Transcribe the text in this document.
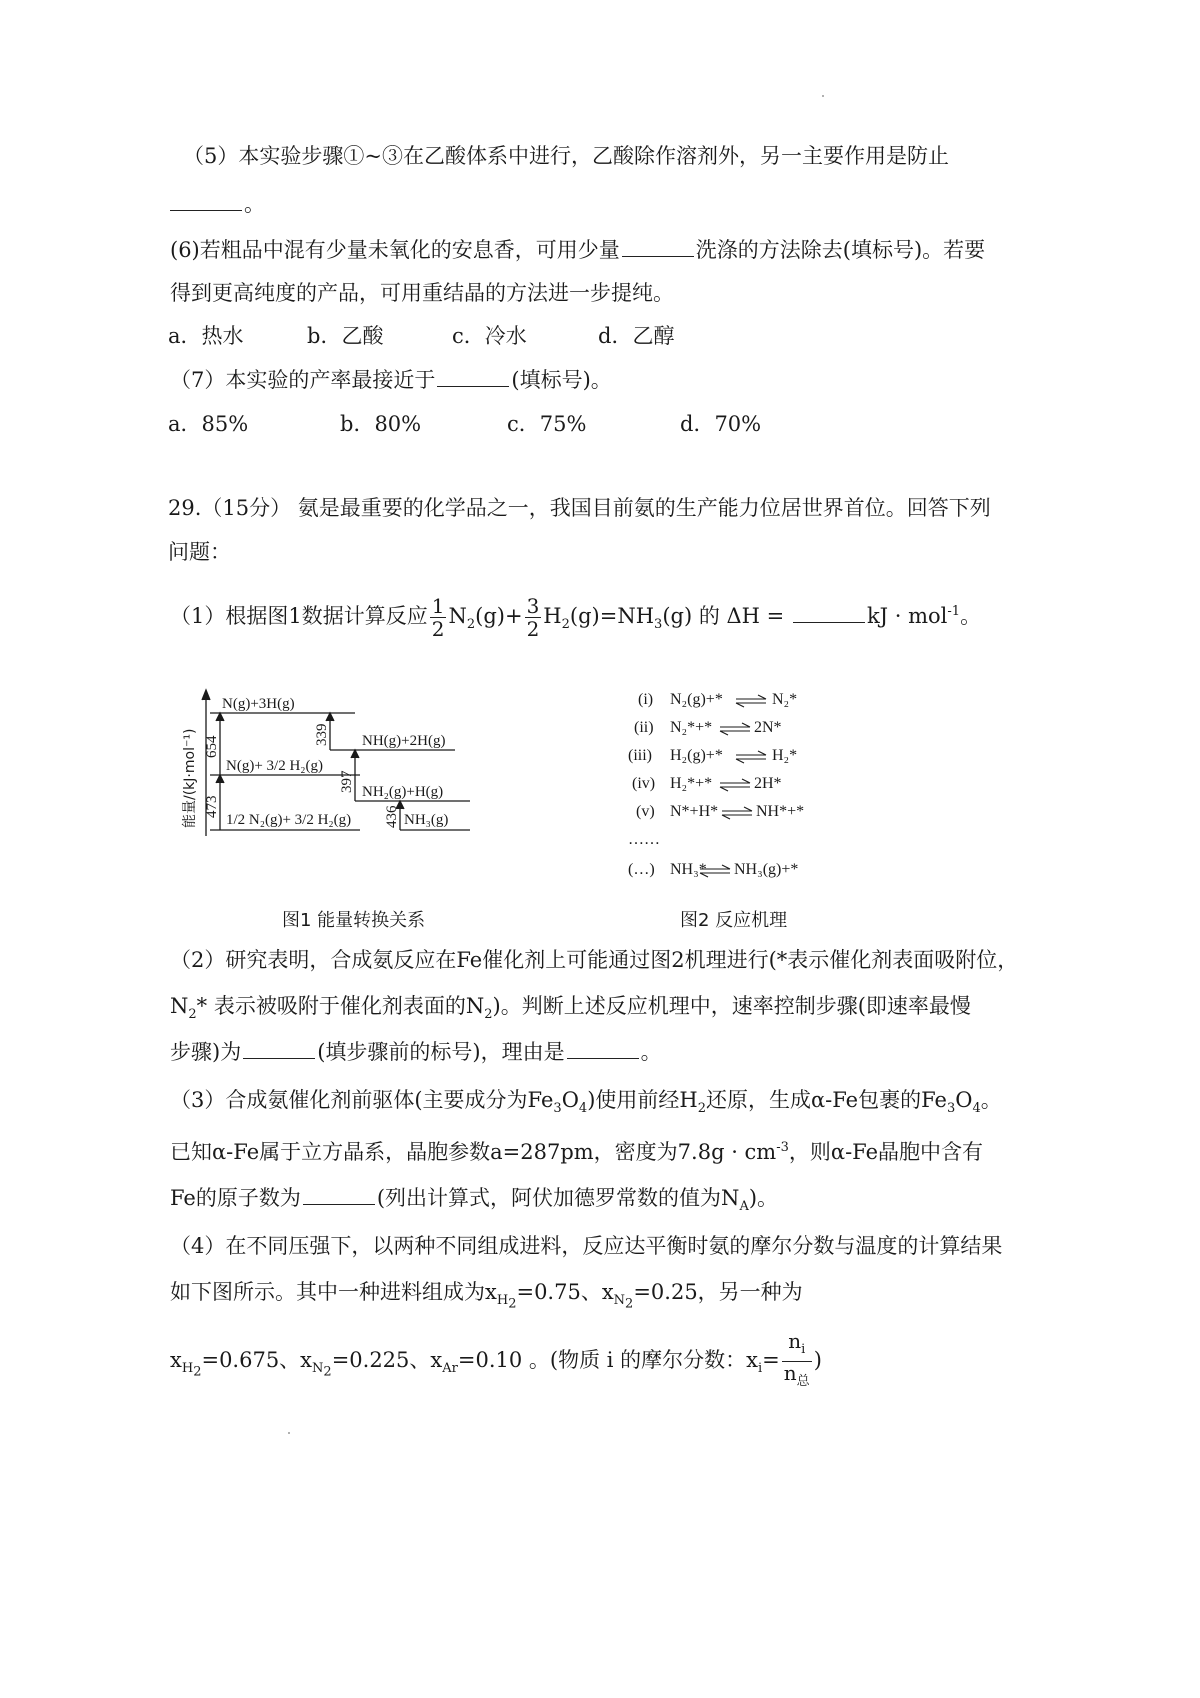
（5）本实验步骤①~③在乙酸体系中进行，乙酸除作溶剂外，另一主要作用是防止
。
(6)若粗品中混有少量未氧化的安息香，可用少量	洗涤的方法除去(填标号)。若要
得到更高纯度的产品，可用重结晶的方法进一步提纯。
a．热水	b．乙酸	c．冷水	d．乙醇
（7）本实验的产率最接近于	(填标号)。
a．85%	b．80%	c．75%	d．70%
29.（15分） 氨是最重要的化学品之一，我国目前氨的生产能力位居世界首位。回答下列
问题：
（1）根据图1数据计算反应 $\frac{1}{2} N_2(g)+ \frac{3}{2} H_2(g)=NH_3(g)$ 的 ΔH =	kJ · mol$^{-1}$。
N(g)+3H(g)
NH(g)+2H(g)
N(g)+ 3/2 H₂(g)
NH₂(g)+H(g)
1/2 N₂(g)+ 3/2 H₂(g)	NH₃(g)
654
339
397
473	436
能量/(kJ·mol⁻¹)
图1 能量转换关系
(i) N₂(g)+*	N₂*
(ii) N₂*+*	2N*
(iii) H₂(g)+*	H₂*
(iv) H₂*+*	2H*
(v) N*+H* NH*+*
……
(…) NH₃* NH₃(g)+*
图2 反应机理
（2）研究表明，合成氨反应在Fe催化剂上可能通过图2机理进行(*表示催化剂表面吸附位，
$N_2*$ 表示被吸附于催化剂表面的$N_2$)。判断上述反应机理中，速率控制步骤(即速率最慢
步骤)为	(填步骤前的标号)，理由是	。
（3）合成氨催化剂前驱体(主要成分为$Fe_3O_4$)使用前经$H_2$还原，生成α-Fe包裹的$Fe_3O_4$。
已知α-Fe属于立方晶系，晶胞参数a=287pm，密度为$7.8g \cdot cm^{-3}$，则α-Fe晶胞中含有
Fe的原子数为	(列出计算式，阿伏加德罗常数的值为$N_A$)。
（4）在不同压强下，以两种不同组成进料，反应达平衡时氨的摩尔分数与温度的计算结果
如下图所示。其中一种进料组成为$x_{H_2}=0.75$、$x_{N_2}=0.25$，另一种为
$x_{H_2}=0.675$、$x_{N_2}=0.225$、$x_{Ar}=0.10$ 。(物质 i 的摩尔分数：$x_i= \frac{n_i}{n_总}$ )
